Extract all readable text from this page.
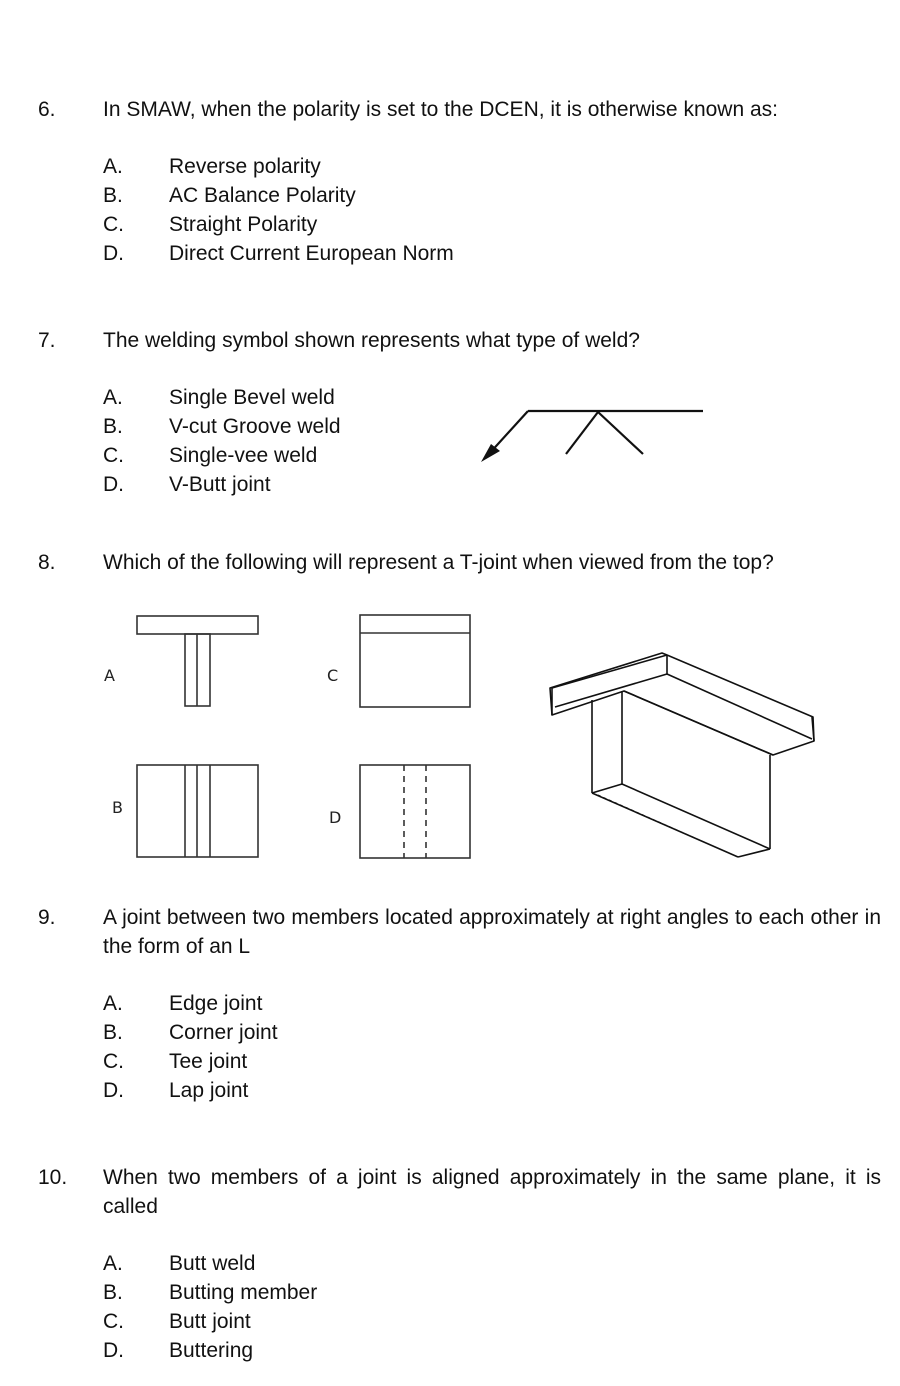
6. In SMAW, when the polarity is set to the DCEN, it is otherwise known as:
A. Reverse polarity
B. AC Balance Polarity
C. Straight Polarity
D. Direct Current European Norm
7. The welding symbol shown represents what type of weld?
A. Single Bevel weld
B. V-cut Groove weld
C. Single-vee weld
D. V-Butt joint
8. Which of the following will represent a T-joint when viewed from the top?
A
B
C
D
9. A joint between two members located approximately at right angles to each other in the form of an L
A. Edge joint
B. Corner joint
C. Tee joint
D. Lap joint
10. When two members of a joint is aligned approximately in the same plane, it is called
A. Butt weld
B. Butting member
C. Butt joint
D. Buttering
